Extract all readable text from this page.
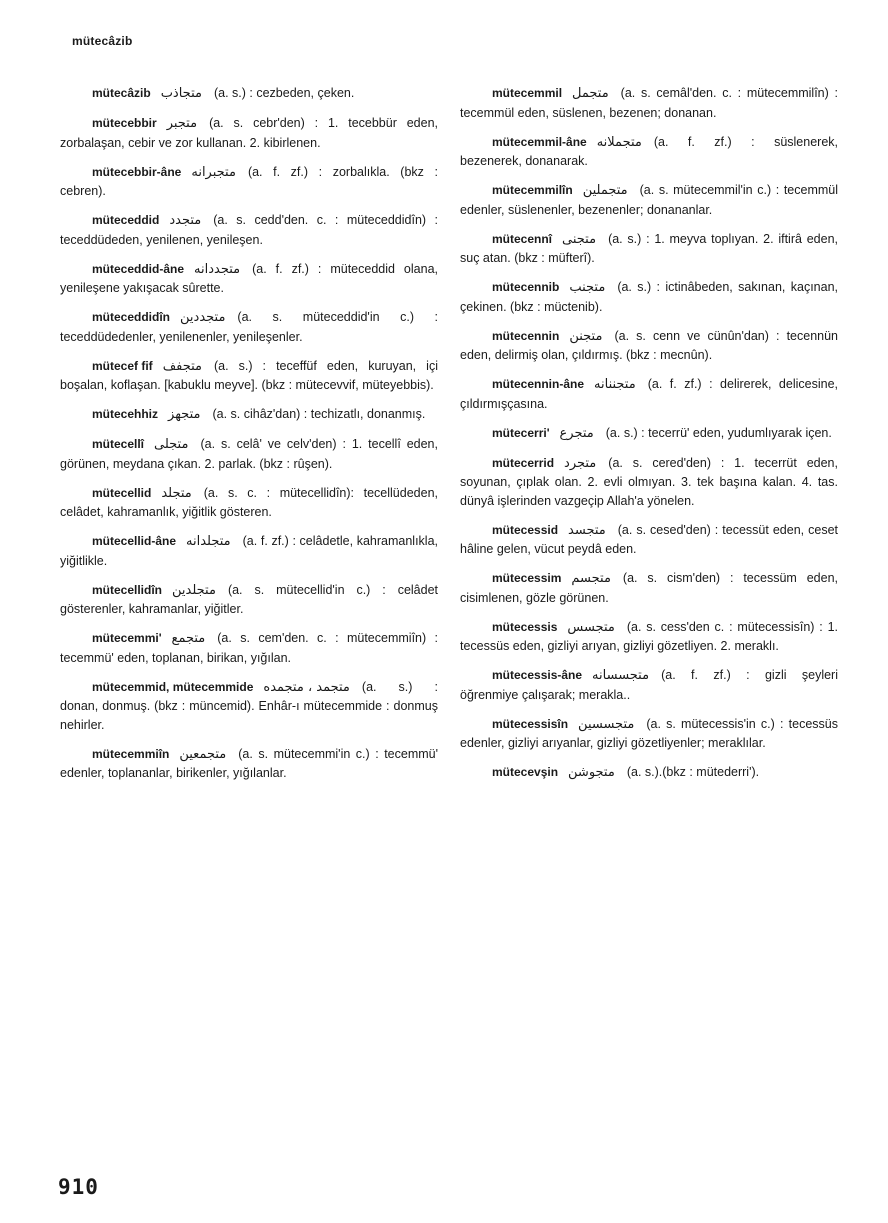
mütecâzib
mütecâzib متجاذب (a. s.) : cezbeden, çeken.
mütecebbir متجبر (a. s. cebr'den) : 1. tecebbür eden, zorbalaşan, cebir ve zor kullanan. 2. kibirlenen.
mütecebbir-âne متجبرانه (a. f. zf.) : zorbalıkla. (bkz : cebren).
müteceddid متجدد (a. s. cedd'den. c. : müteceddidîn) : teceddüdeden, yenilenen, yenileşen.
müteceddid-âne متجددانه (a. f. zf.) : müteceddid olana, yenileşene yakışacak sûrette.
müteceddidîn متجددين (a. s. müteceddid'in c.) : teceddüdedenler, yenilenenler, yenileşenler.
mütecef fif متجفف (a. s.) : teceffüf eden, kuruyan, içi boşalan, koflaşan. [kabuklu meyve]. (bkz : mütecevvif, müteyebbis).
mütecehhiz متجهز (a. s. cihâz'dan) : techizatlı, donanmış.
mütecellî متجلى (a. s. celâ' ve celv'den) : 1. tecellî eden, görünen, meydana çıkan. 2. parlak. (bkz : rûşen).
mütecellid متجلد (a. s. c. : mütecellidîn): tecellüdeden, celâdet, kahramanlık, yiğitlik gösteren.
mütecellid-âne متجلدانه (a. f. zf.) : celâdetle, kahramanlıkla, yiğitlikle.
mütecellidîn متجلدين (a. s. mütecellid'in c.) : celâdet gösterenler, kahramanlar, yiğitler.
mütecemmi' متجمع (a. s. cem'den. c. : mütecemmiîn) : tecemmü' eden, toplanan, birikan, yığılan.
mütecemmid, mütecemmide متجمد ، متجمده (a. s.) : donan, donmuş. (bkz : müncemid). Enhâr-ı mütecemmide : donmuş nehirler.
mütecemmiîn متجمعين (a. s. mütecemmi'in c.) : tecemmü' edenler, toplananlar, birikenler, yığılanlar.
mütecemmil متجمل (a. s. cemâl'den. c. : mütecemmilîn) : tecemmül eden, süslenen, bezenen; donanan.
mütecemmil-âne متجملانه (a. f. zf.) : süslenerek, bezenerek, donanarak.
mütecemmilîn متجملين (a. s. mütecemmil'in c.) : tecemmül edenler, süslenenler, bezenenler; donananlar.
mütecennî متجنى (a. s.) : 1. meyva toplıyan. 2. iftirâ eden, suç atan. (bkz : müfterî).
mütecennib متجنب (a. s.) : ictinâbeden, sakınan, kaçınan, çekinen. (bkz : müctenib).
mütecennin متجنن (a. s. cenn ve cünûn'dan) : tecennün eden, delirmiş olan, çıldırmış. (bkz : mecnûn).
mütecennin-âne متجننانه (a. f. zf.) : delirerek, delicesine, çıldırmışçasına.
mütecerri' متجرع (a. s.) : tecerrü' eden, yudumlıyarak içen.
mütecerrid متجرد (a. s. cered'den) : 1. tecerrüt eden, soyunan, çıplak olan. 2. evli olmıyan. 3. tek başına kalan. 4. tas. dünyâ işlerinden vazgeçip Allah'a yönelen.
mütecessid متجسد (a. s. cesed'den) : tecessüt eden, ceset hâline gelen, vücut peydâ eden.
mütecessim متجسم (a. s. cism'den) : tecessüm eden, cisimlenen, gözle görünen.
mütecessis متجسس (a. s. cess'den c. : mütecessisîn) : 1. tecessüs eden, gizliyi arıyan, gizliyi gözetliyen. 2. meraklı.
mütecessis-âne متجسسانه (a. f. zf.) : gizli şeyleri öğrenmiye çalışarak; merakla..
mütecessisîn متجسسين (a. s. mütecessis'in c.) : tecessüs edenler, gizliyi arıyanlar, gizliyi gözetliyenler; meraklılar.
mütecevşin متجوشن (a. s.).(bkz : mütederri').
910
